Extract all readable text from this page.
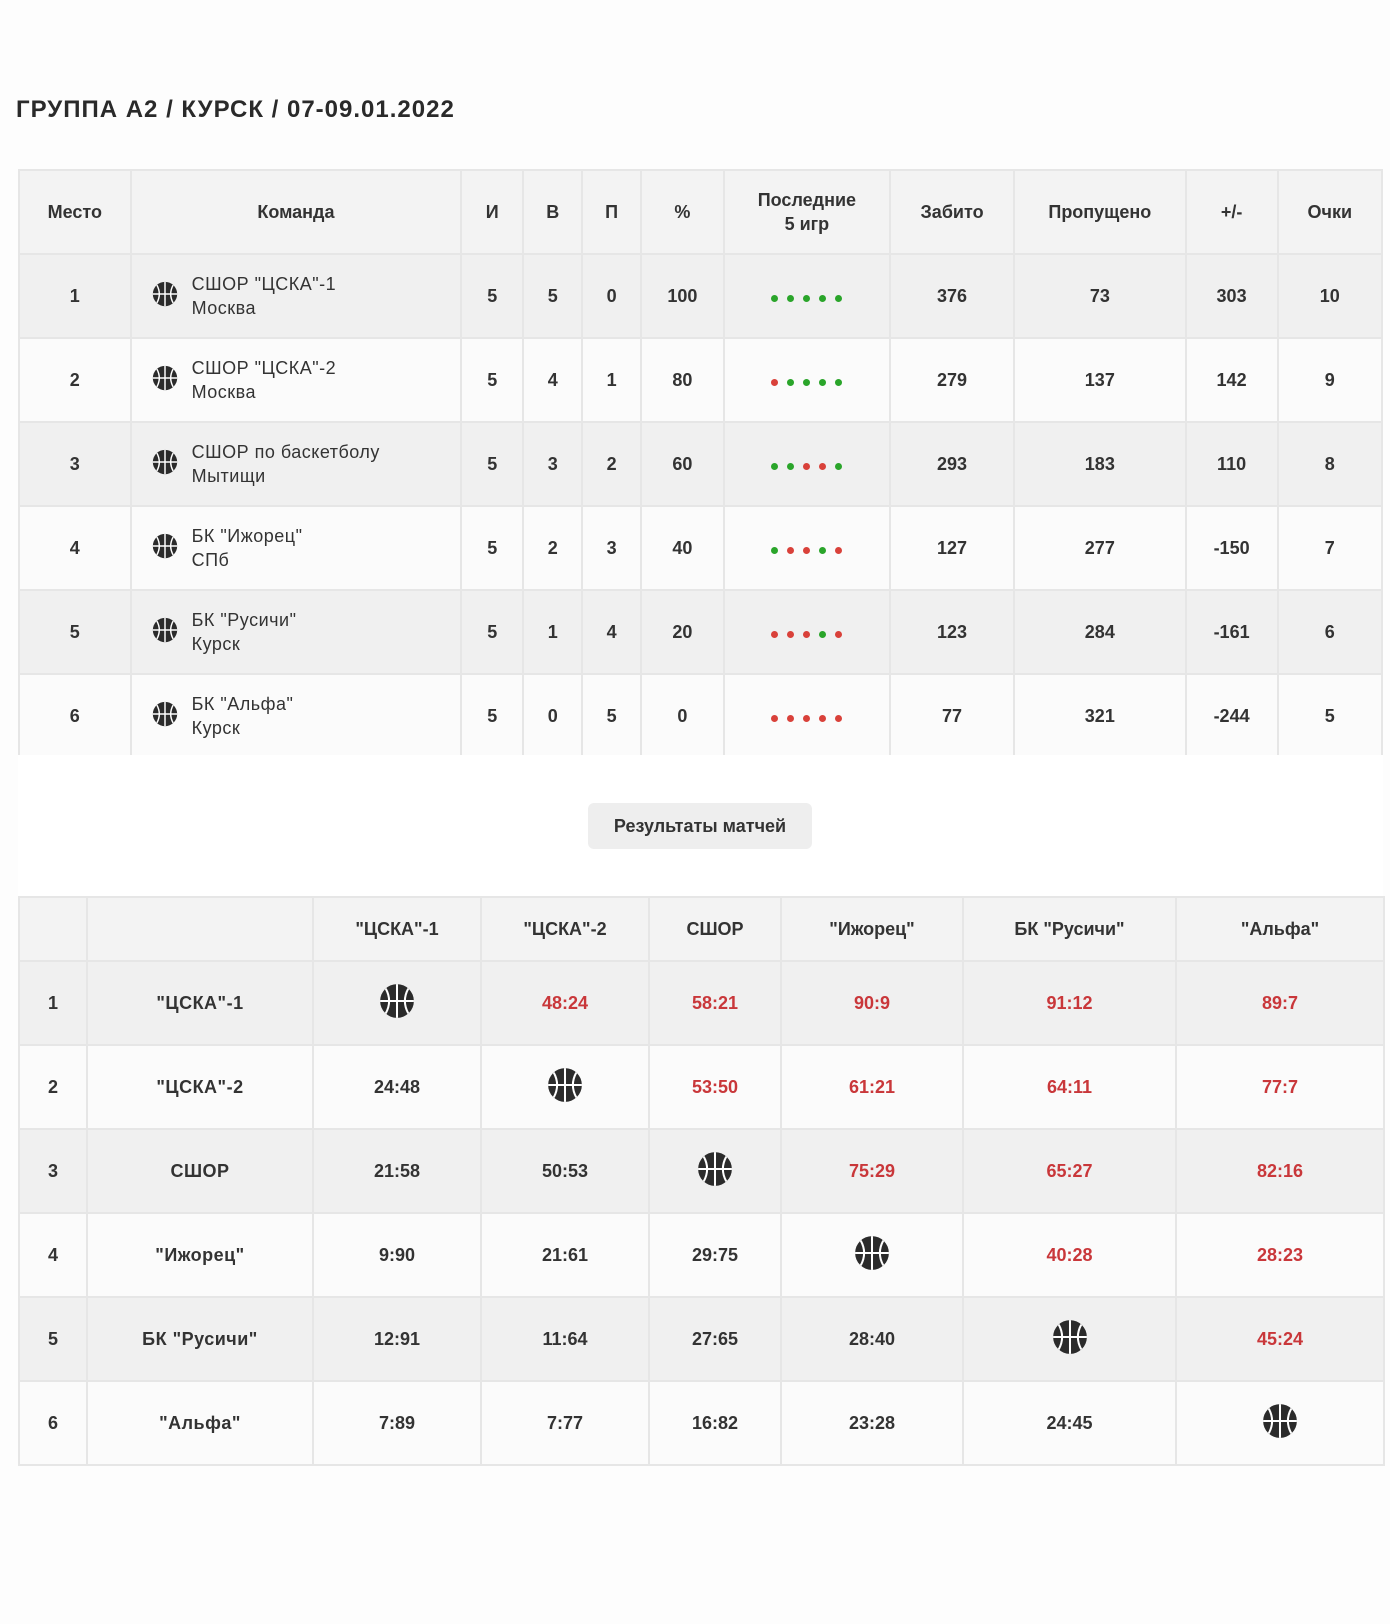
ГРУППА А2 / КУРСК / 07-09.01.2022
Место	Команда	И	В	П	%	Последние
5 игр	Забито	Пропущено	+/-	Очки
1	СШОР "ЦСКА"-1
Москва	5	5	0	100		376	73	303	10
2	СШОР "ЦСКА"-2
Москва	5	4	1	80		279	137	142	9
3	СШОР по баскетболу
Мытищи	5	3	2	60		293	183	110	8
4	БК "Ижорец"
СПб	5	2	3	40		127	277	-150	7
5	БК "Русичи"
Курск	5	1	4	20		123	284	-161	6
6	БК "Альфа"
Курск	5	0	5	0		77	321	-244	5
Результаты матчей
		"ЦСКА"-1	"ЦСКА"-2	СШОР	"Ижорец"	БК "Русичи"	"Альфа"
1	"ЦСКА"-1		48:24	58:21	90:9	91:12	89:7
2	"ЦСКА"-2	24:48		53:50	61:21	64:11	77:7
3	СШОР	21:58	50:53		75:29	65:27	82:16
4	"Ижорец"	9:90	21:61	29:75		40:28	28:23
5	БК "Русичи"	12:91	11:64	27:65	28:40		45:24
6	"Альфа"	7:89	7:77	16:82	23:28	24:45	
